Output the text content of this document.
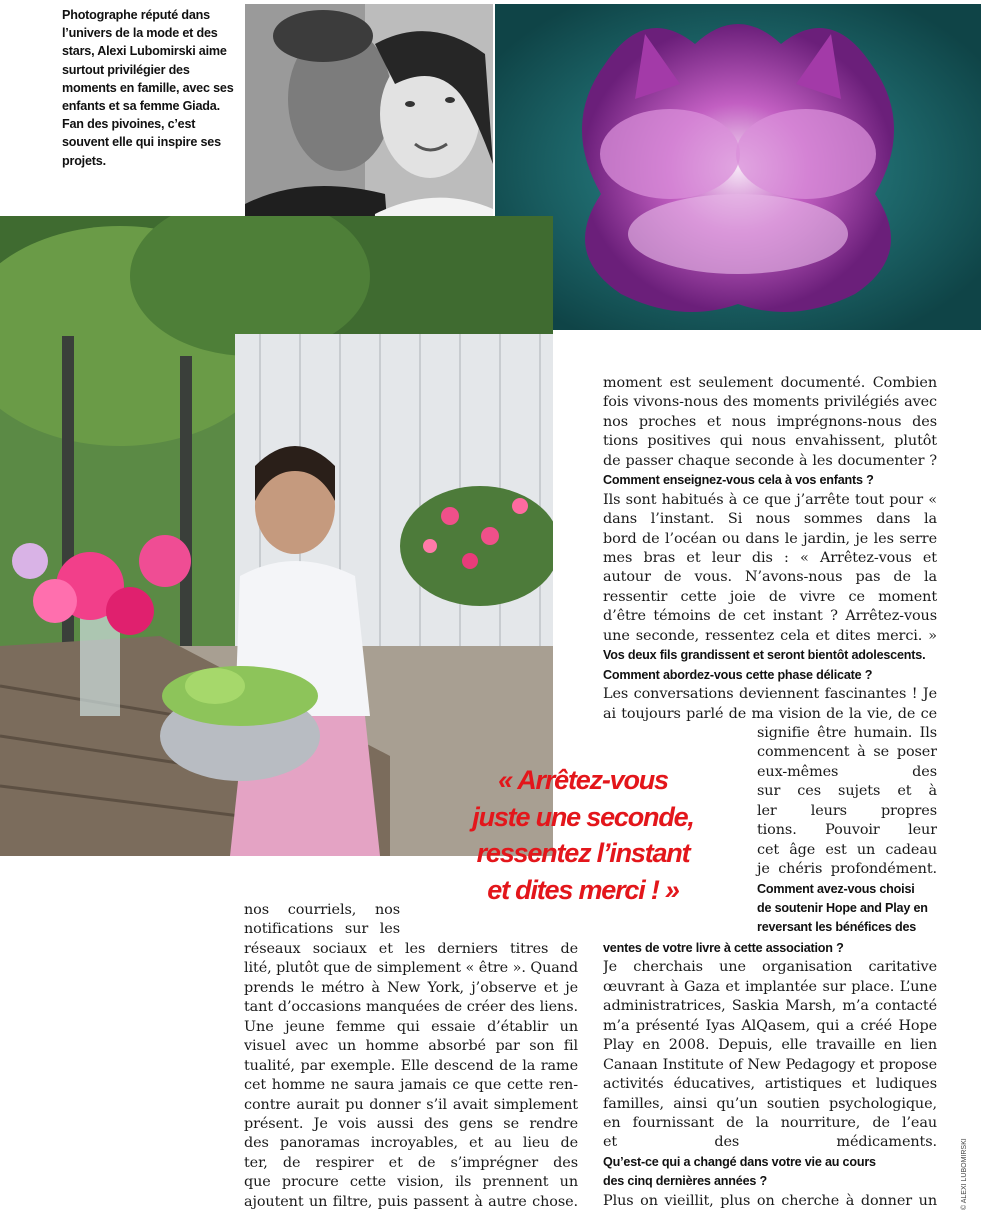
Photographe réputé dans l’univers de la mode et des stars, Alexi Lubomirski aime surtout privilégier des moments en famille, avec ses enfants et sa femme Giada. Fan des pivoines, c’est souvent elle qui inspire ses projets.
« Arrêtez-vous
juste une seconde,
ressentez l’instant
et dites merci ! »
moment est seulement documenté. Combien
fois vivons-nous des moments privilégiés avec
nos proches et nous imprégnons-nous des
tions positives qui nous envahissent, plutôt
de passer chaque seconde à les documenter ?
Comment enseignez-vous cela à vos enfants ?
Ils sont habitués à ce que j’arrête tout pour «
dans l’instant. Si nous sommes dans la
bord de l’océan ou dans le jardin, je les serre
mes bras et leur dis : « Arrêtez-vous et
autour de vous. N’avons-nous pas de la
ressentir cette joie de vivre ce moment
d’être témoins de cet instant ? Arrêtez-vous
une seconde, ressentez cela et dites merci. »
Vos deux fils grandissent et seront bientôt adolescents.
Comment abordez-vous cette phase délicate ?
Les conversations deviennent fascinantes ! Je
ai toujours parlé de ma vision de la vie, de ce
signifie être humain. Ils
commencent à se poser
eux-mêmes des
sur ces sujets et à
ler leurs propres
tions. Pouvoir leur
cet âge est un cadeau
je chéris profondément.
Comment avez-vous choisi
de soutenir Hope and Play en
reversant les bénéfices des
ventes de votre livre à cette association ?
Je cherchais une organisation caritative
œuvrant à Gaza et implantée sur place. L’une
administratrices, Saskia Marsh, m’a contacté
m’a présenté Iyas AlQasem, qui a créé Hope
Play en 2008. Depuis, elle travaille en lien
Canaan Institute of New Pedagogy et propose
activités éducatives, artistiques et ludiques
familles, ainsi qu’un soutien psychologique,
en fournissant de la nourriture, de l’eau
et des médicaments.
Qu’est-ce qui a changé dans votre vie au cours
des cinq dernières années ?
Plus on vieillit, plus on cherche à donner un
nos courriels, nos
notifications sur les
réseaux sociaux et les derniers titres de
lité, plutôt que de simplement « être ». Quand
prends le métro à New York, j’observe et je
tant d’occasions manquées de créer des liens.
Une jeune femme qui essaie d’établir un
visuel avec un homme absorbé par son fil
tualité, par exemple. Elle descend de la rame
cet homme ne saura jamais ce que cette ren-
contre aurait pu donner s’il avait simplement
présent. Je vois aussi des gens se rendre
des panoramas incroyables, et au lieu de
ter, de respirer et de s’imprégner des
que procure cette vision, ils prennent un
ajoutent un filtre, puis passent à autre chose.	© ALEXI LUBOMIRSKI
